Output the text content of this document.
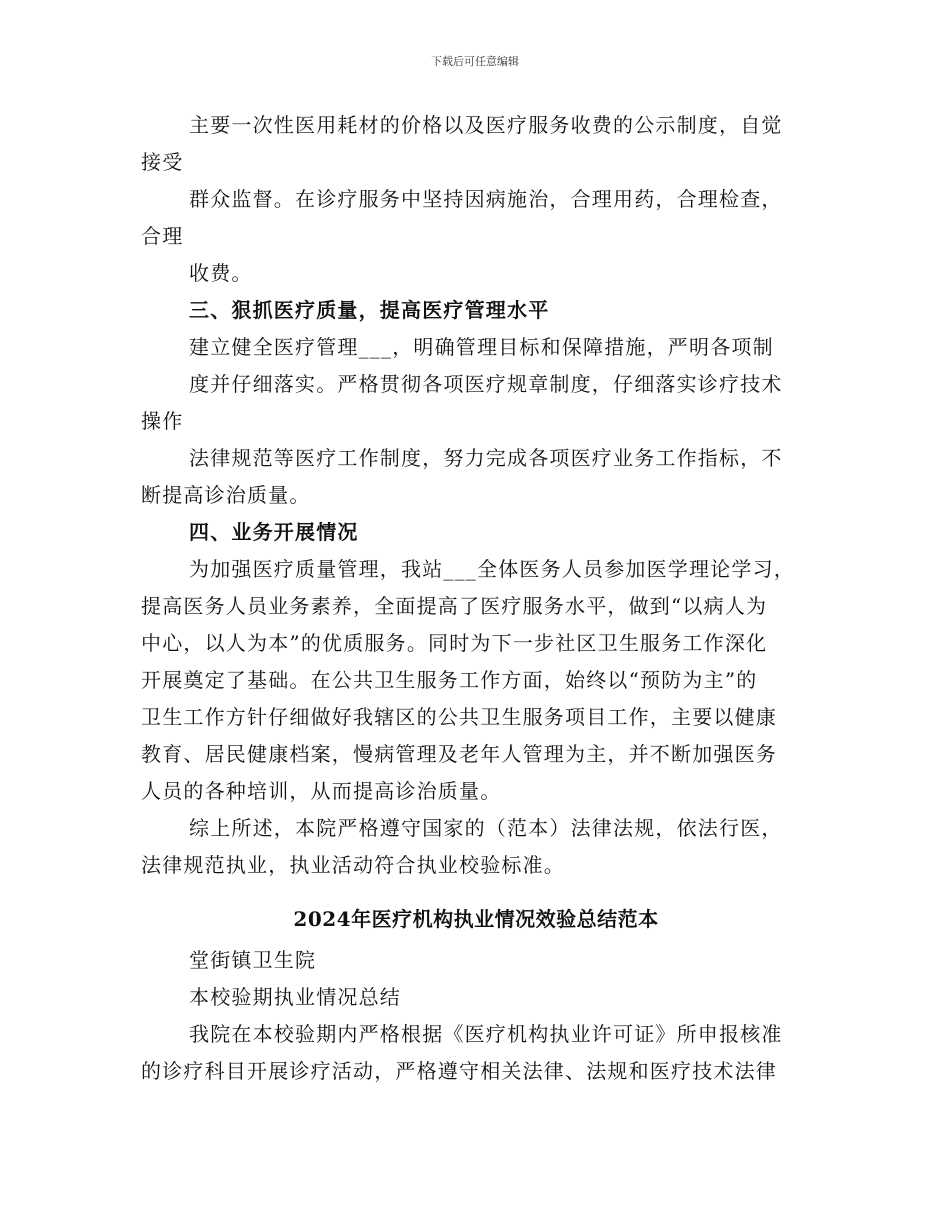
下载后可任意编辑

主要一次性医用耗材的价格以及医疗服务收费的公示制度，自觉

接受

群众监督。在诊疗服务中坚持因病施治，合理用药，合理检查，

合理

收费。

三、狠抓医疗质量，提高医疗管理水平

建立健全医疗管理___，明确管理目标和保障措施，严明各项制

度并仔细落实。严格贯彻各项医疗规章制度，仔细落实诊疗技术

操作

法律规范等医疗工作制度，努力完成各项医疗业务工作指标，不

断提高诊治质量。

四、业务开展情况

为加强医疗质量管理，我站___全体医务人员参加医学理论学习，

提高医务人员业务素养，全面提高了医疗服务水平，做到“以病人为

中心，以人为本”的优质服务。同时为下一步社区卫生服务工作深化

开展奠定了基础。在公共卫生服务工作方面，始终以“预防为主”的

卫生工作方针仔细做好我辖区的公共卫生服务项目工作，主要以健康

教育、居民健康档案，慢病管理及老年人管理为主，并不断加强医务

人员的各种培训，从而提高诊治质量。

综上所述，本院严格遵守国家的（范本）法律法规，依法行医，

法律规范执业，执业活动符合执业校验标准。

2024年医疗机构执业情况效验总结范本

堂街镇卫生院

本校验期执业情况总结

我院在本校验期内严格根据《医疗机构执业许可证》所申报核准

的诊疗科目开展诊疗活动，严格遵守相关法律、法规和医疗技术法律
